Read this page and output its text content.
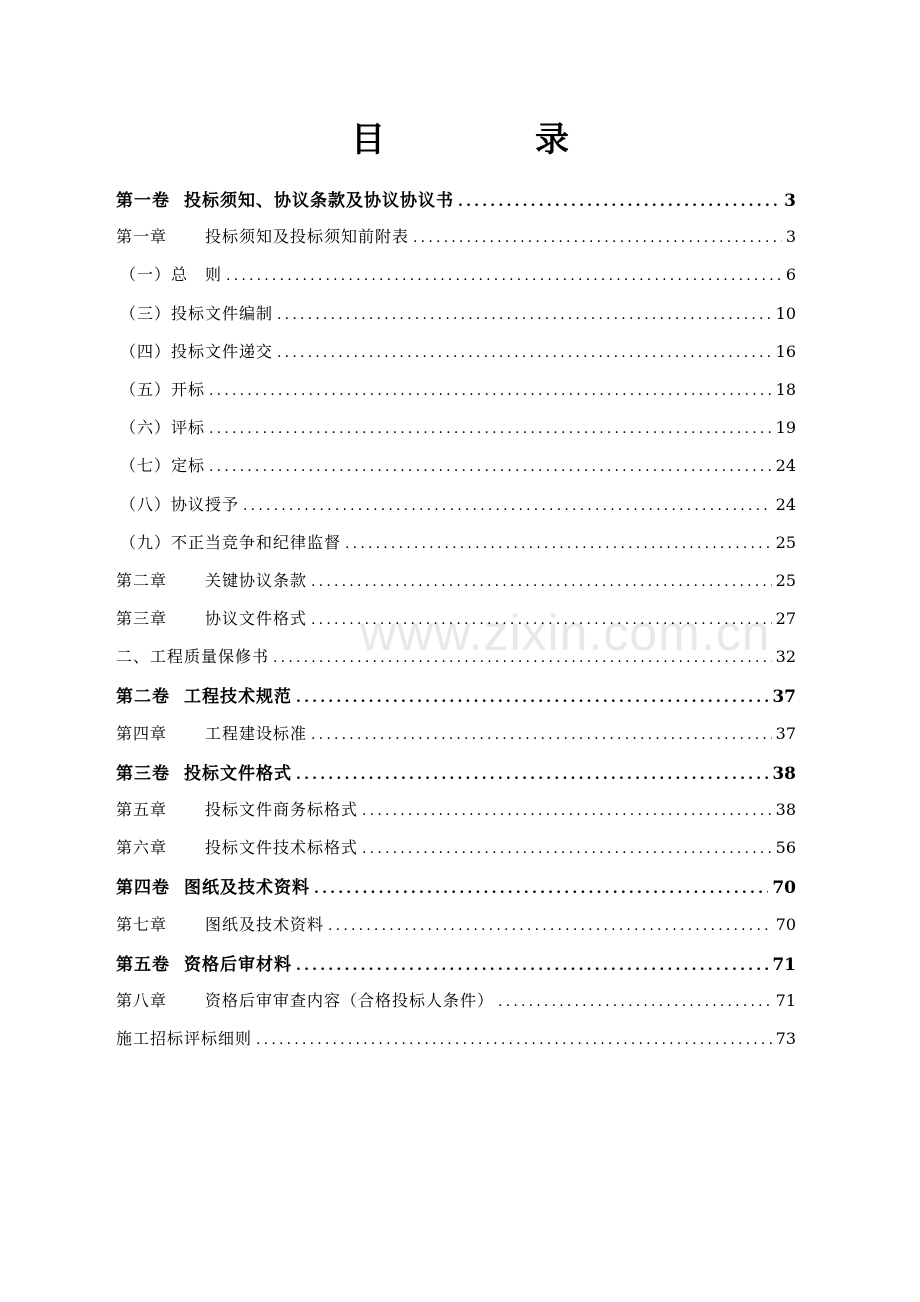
目　录
第一卷 投标须知、协议条款及协议协议书 .....	3
第一章 投标须知及投标须知前附表 .....	3
（一） 总　则 .....	6
（三） 投标文件编制 .....	10
（四） 投标文件递交 .....	16
（五） 开标 .....	18
（六） 评标 .....	19
（七） 定标 .....	24
（八） 协议授予 .....	24
（九） 不正当竞争和纪律监督 .....	25
第二章 关键协议条款 .....	25
第三章 协议文件格式 .....	27
二、 工程质量保修书 .....	32
第二卷 工程技术规范 .....	37
第四章 工程建设标准 .....	37
第三卷 投标文件格式 .....	38
第五章 投标文件商务标格式 .....	38
第六章 投标文件技术标格式 .....	56
第四卷 图纸及技术资料 .....	70
第七章 图纸及技术资料 .....	70
第五卷 资格后审材料 .....	71
第八章 资格后审审查内容（合格投标人条件） .....	71
施工招标评标细则 .....	73
www.zixin.com.cn
